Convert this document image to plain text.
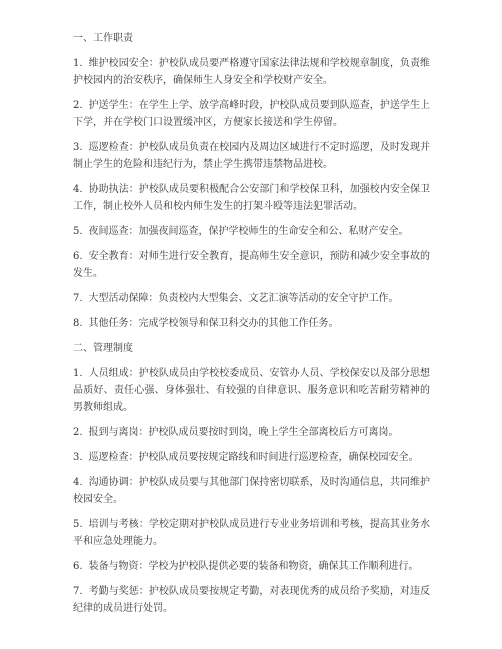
一、工作职责
1. 维护校园安全：护校队成员要严格遵守国家法律法规和学校规章制度，负责维护校园内的治安秩序，确保师生人身安全和学校财产安全。
2. 护送学生：在学生上学、放学高峰时段，护校队成员要到队巡查，护送学生上下学，并在学校门口设置缓冲区，方便家长接送和学生停留。
3. 巡逻检查：护校队成员负责在校园内及周边区域进行不定时巡逻，及时发现并制止学生的危险和违纪行为，禁止学生携带违禁物品进校。
4. 协助执法：护校队成员要积极配合公安部门和学校保卫科，加强校内安全保卫工作，制止校外人员和校内师生发生的打架斗殴等违法犯罪活动。
5. 夜间巡查：加强夜间巡查，保护学校师生的生命安全和公、私财产安全。
6. 安全教育：对师生进行安全教育，提高师生安全意识，预防和减少安全事故的发生。
7. 大型活动保障：负责校内大型集会、文艺汇演等活动的安全守护工作。
8. 其他任务：完成学校领导和保卫科交办的其他工作任务。
二、管理制度
1. 人员组成：护校队成员由学校校委成员、安管办人员、学校保安以及部分思想品质好、责任心强、身体强壮、有较强的自律意识、服务意识和吃苦耐劳精神的男教师组成。
2. 报到与离岗：护校队成员要按时到岗，晚上学生全部离校后方可离岗。
3. 巡逻检查：护校队成员要按规定路线和时间进行巡逻检查，确保校园安全。
4. 沟通协调：护校队成员要与其他部门保持密切联系，及时沟通信息，共同维护校园安全。
5. 培训与考核：学校定期对护校队成员进行专业业务培训和考核，提高其业务水平和应急处理能力。
6. 装备与物资：学校为护校队提供必要的装备和物资，确保其工作顺利进行。
7. 考勤与奖惩：护校队成员要按规定考勤，对表现优秀的成员给予奖励，对违反纪律的成员进行处罚。
